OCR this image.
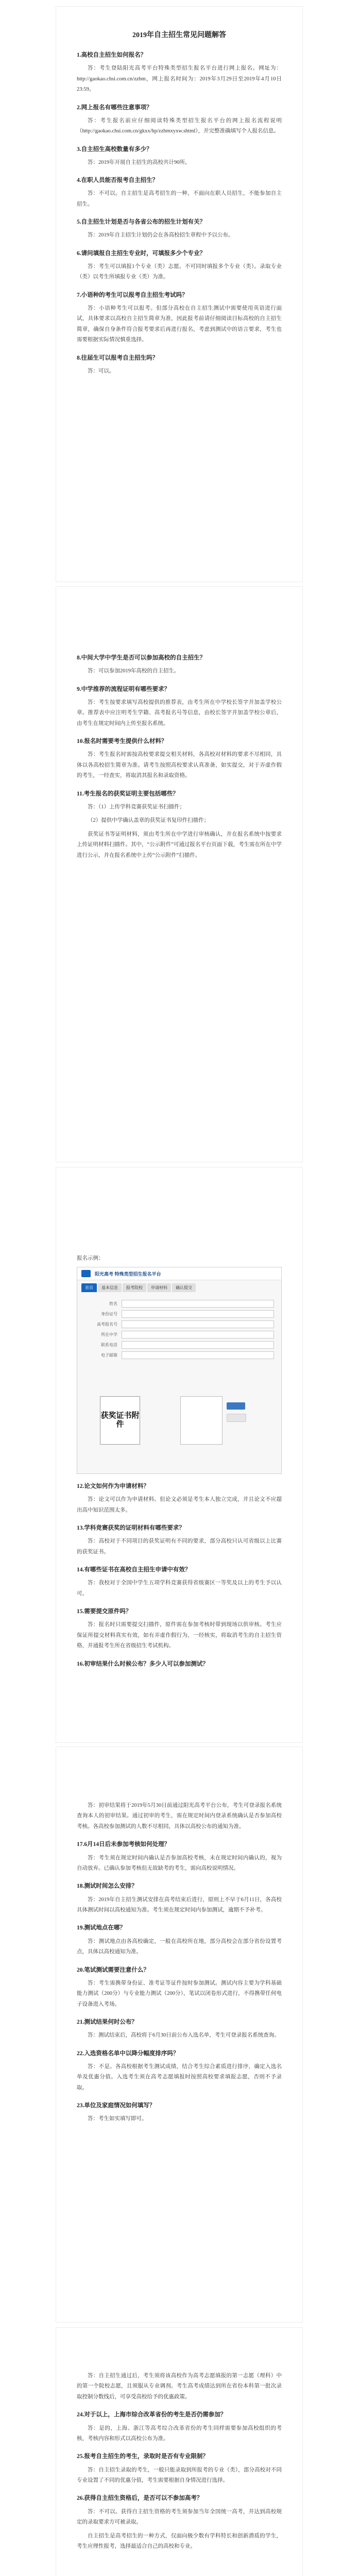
2019年自主招生常见问题解答
1.高校自主招生如何报名？
答：考生登陆阳光高考平台特殊类型招生报名平台进行网上报名。网址为：http://gaokao.chsi.com.cn/zzbm，网上报名时间为：2019年3月29日至2019年4月10日23:59。
2.网上报名有哪些注意事项？
答：考生报名前应仔细阅读特殊类型招生报名平台的网上报名流程说明（http://gaokao.chsi.com.cn/gkxx/hp/zzbmxyxw.shtml），并完整准确填写个人报名信息。
3.自主招生高校数量有多少？
答：2019年开展自主招生的高校共计90所。
4.在职人员能否报考自主招生？
答：不可以。自主招生是高考招生的一种，不面向在职人员招生，不能参加自主招生。
5.自主招生计划是否与各省公布的招生计划有关？
答：2019年自主招生计划仍会在各高校招生章程中予以公布。
6.请问填报自主招生专业时，可填报多少个专业？
答：考生可以填报1个专业（类）志愿。不可同时填报多个专业（类）。录取专业（类）以考生所填报专业（类）为准。
7.小语种的考生可以报考自主招生考试吗？
答：小语种考生可以报考。但部分高校在自主招生测试中需要使用英语进行面试，具体要求以高校自主招生简章为准，因此报考前请仔细阅读目标高校的自主招生简章，确保自身条件符合报考要求后再进行报名，考虑到测试中的语言要求，考生也需要根据实际情况慎重选择。
8.往届生可以报考自主招生吗？
答：可以。
8.中间大学中学生是否可以参加高校的自主招生？
答：可以参加2019年高校的自主招生。
9.中学推荐的流程证明有哪些要求？
答：考生按要求填写高校提供的推荐表，由考生所在中学校长签字并加盖学校公章。推荐表中应注明考生学籍、高考报名号等信息，由校长签字并加盖学校公章后，由考生在规定时间内上传至报名系统。
10.报名时需要考生提供什么材料？
答：考生报名时需按高校要求提交相关材料，各高校对材料的要求不尽相同，具体以各高校招生简章为准。请考生按照高校要求认真准备，如实提交，对于弄虚作假的考生，一经查实，将取消其报名和录取资格。
11.考生报名的获奖证明主要包括哪些？
答：（1）上传学科竞赛获奖证书扫描件；
（2）提供中学确认盖章的获奖证书复印件扫描件；
获奖证书等证明材料，须由考生所在中学进行审核确认，并在报名系统中按要求上传证明材料扫描件。其中，“公示附件”可通过报名平台页面下载，考生需在所在中学进行公示，并在报名系统中上传“公示附件”扫描件。
报名示例：
阳光高考 特殊类型招生报名平台
首页	基本信息	报考院校	申请材料	确认提交
姓名
身份证号
高考报名号
所在中学
联系电话
电子邮箱
获奖证书附件
12.论文如何作为申请材料？
答：论文可以作为申请材料。但论文必须是考生本人独立完成，并且论文不应超出高中知识范围太多。
13.学科竞赛获奖的证明材料有哪些要求？
答：高校对于不同项目的获奖证明有不同的要求，部分高校只认可省级以上比赛的获奖证书。
14.有哪些证书在高校自主招生申请中有效？
答：我校对于全国中学生五项学科竞赛获得省级赛区一等奖及以上的考生予以认可。
15.需要提交原件吗？
答：报名时只需要提交扫描件，原件需在参加考核时带到现场以供审核。考生应保证所提交材料真实有效，如有弄虚作假行为，一经核实，将取消考生的自主招生资格，并通报考生所在省级招生考试机构。
16.初审结果什么时候公布？多少人可以参加测试？
答：初审结果将于2019年5月30日前通过阳光高考平台公布，考生可登录报名系统查询本人的初审结果。通过初审的考生，需在规定时间内登录系统确认是否参加高校考核。各高校参加测试的人数不尽相同，具体以高校公布的通知为准。
17.6月14日后未参加考核如何处理？
答：考生须在规定时间内确认是否参加高校考核，未在规定时间内确认的，视为自动放弃。已确认参加考核但无故缺考的考生，需向高校说明情况。
18.测试时间怎么安排？
答：2019年自主招生测试安排在高考结束后进行，原则上不早于6月11日，各高校具体测试时间以高校通知为准。考生须在规定时间内参加测试，逾期不予补考。
19.测试地点在哪？
答：测试地点由各高校确定，一般在高校所在地，部分高校会在部分省份设置考点，具体以高校通知为准。
20.笔试测试需要注意什么？
答：考生需携带身份证、准考证等证件按时参加测试。测试内容主要为学科基础能力测试（200分）与专业能力测试（200分），笔试以闭卷形式进行，不得携带任何电子设备进入考场。
21.测试结果何时公布？
答：测试结束后，高校将于6月30日前公布入选名单，考生可登录报名系统查询。
22.入选资格名单中以降分幅度排序吗？
答：不是。各高校根据考生测试成绩，结合考生综合素质进行排序，确定入选名单及优惠分值。入选考生须在高考志愿填报时按照高校要求填报志愿，否则不予录取。
23.单位及家庭情况如何填写？
答：考生如实填写即可。
答：自主招生通过后，考生须将该高校作为高考志愿填报的第一志愿（理科）中的第一个院校志愿，且须服从专业调剂。考生高考成绩达到所在省份本科第一批次录取控制分数线后，可享受高校给予的优惠政策。
24.对于以上，上海市综合改革省份的考生是否仍需参加？
答：是的，上海、浙江等高考综合改革省份的考生同样需要参加高校组织的考核，考核内容和形式以高校公布为准。
25.报考自主招生的考生，录取时是否有专业限制？
答：自主招生录取的考生，一般只能录取到所报考的专业（类），部分高校对不同专业设置了不同的优惠分值，考生需要根据自身情况进行选择。
26.获得自主招生资格后，是否可以不参加高考？
答：不可以。获得自主招生资格的考生须参加当年全国统一高考，并达到高校规定的录取要求方可被录取。
自主招生是高考招生的一种方式，仅面向极少数有学科特长和创新潜质的学生，考生应理性报考，选择最适合自己的高校和专业。
